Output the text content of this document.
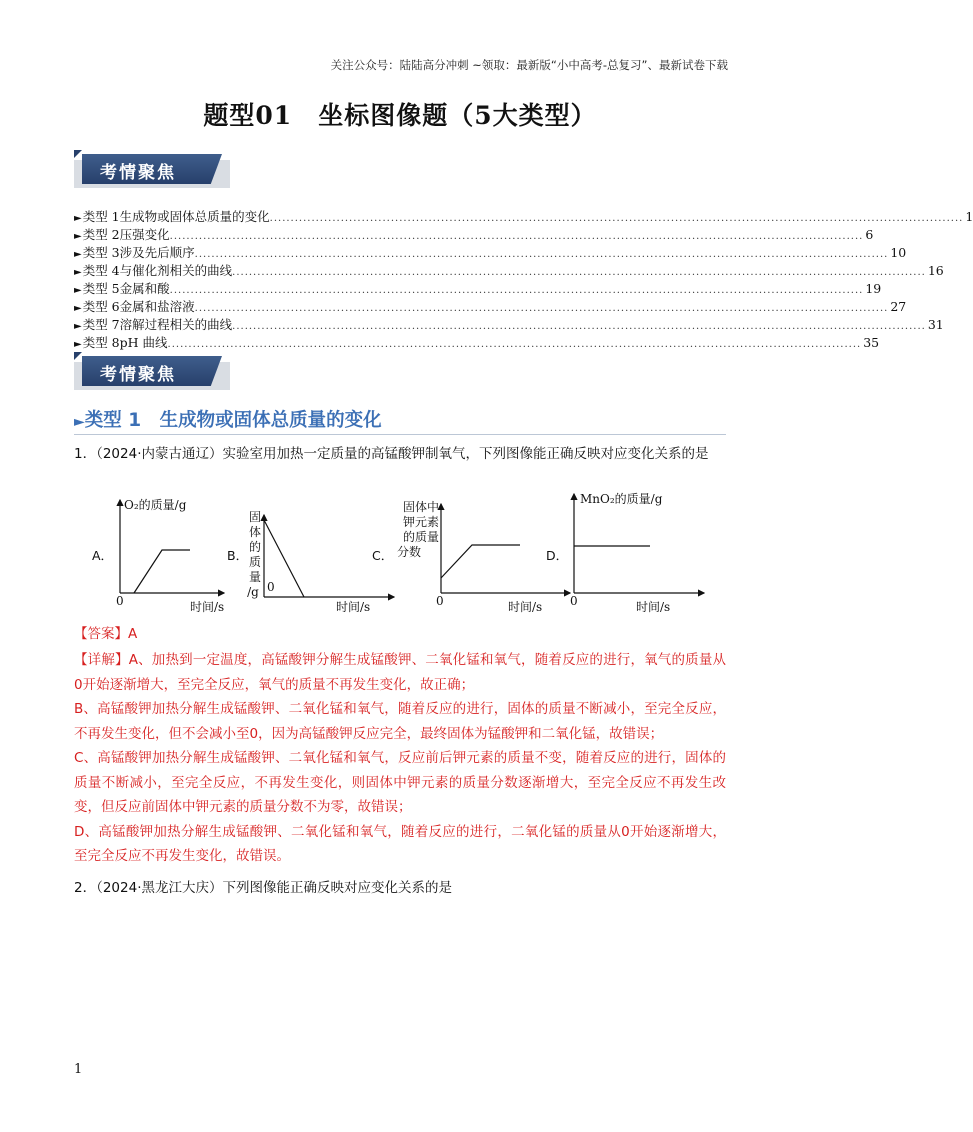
关注公众号：陆陆高分冲刺 ~领取：最新版“小中高考-总复习”、最新试卷下载
题型01　坐标图像题（5大类型）
考情聚焦
► 类型 1 生成物或固体总质量的变化 ...................................................................................................................................................................... 1
► 类型 2 压强变化 ...................................................................................................................................................................... 6
► 类型 3 涉及先后顺序 ...................................................................................................................................................................... 10
► 类型 4 与催化剂相关的曲线 ...................................................................................................................................................................... 16
► 类型 5 金属和酸 ...................................................................................................................................................................... 19
► 类型 6 金属和盐溶液 ...................................................................................................................................................................... 27
► 类型 7 溶解过程相关的曲线 ...................................................................................................................................................................... 31
► 类型 8 pH 曲线 ...................................................................................................................................................................... 35
考情聚焦
►类型 1　生成物或固体总质量的变化
1．（2024·内蒙古通辽）实验室用加热一定质量的高锰酸钾制氧气，下列图像能正确反映对应变化关系的是
A．
O₂的质量/g
0	时间/s
B．
固
体
的
质
量
/g 0
时间/s
C．
固体中
钾元素
的质量
分数
0	时间/s
D．
MnO₂的质量/g
0	时间/s
【答案】A

【详解】A、加热到一定温度，高锰酸钾分解生成锰酸钾、二氧化锰和氧气，随着反应的进行，氧气的质量从0开始逐渐增大，至完全反应，氧气的质量不再发生变化，故正确；

B、高锰酸钾加热分解生成锰酸钾、二氧化锰和氧气，随着反应的进行，固体的质量不断减小，至完全反应，不再发生变化，但不会减小至0，因为高锰酸钾反应完全，最终固体为锰酸钾和二氧化锰，故错误；

C、高锰酸钾加热分解生成锰酸钾、二氧化锰和氧气，反应前后钾元素的质量不变，随着反应的进行，固体的质量不断减小，至完全反应，不再发生变化，则固体中钾元素的质量分数逐渐增大，至完全反应不再发生改变，但反应前固体中钾元素的质量分数不为零，故错误；

D、高锰酸钾加热分解生成锰酸钾、二氧化锰和氧气，随着反应的进行，二氧化锰的质量从0开始逐渐增大，至完全反应不再发生变化，故错误。

2．（2024·黑龙江大庆）下列图像能正确反映对应变化关系的是
1
